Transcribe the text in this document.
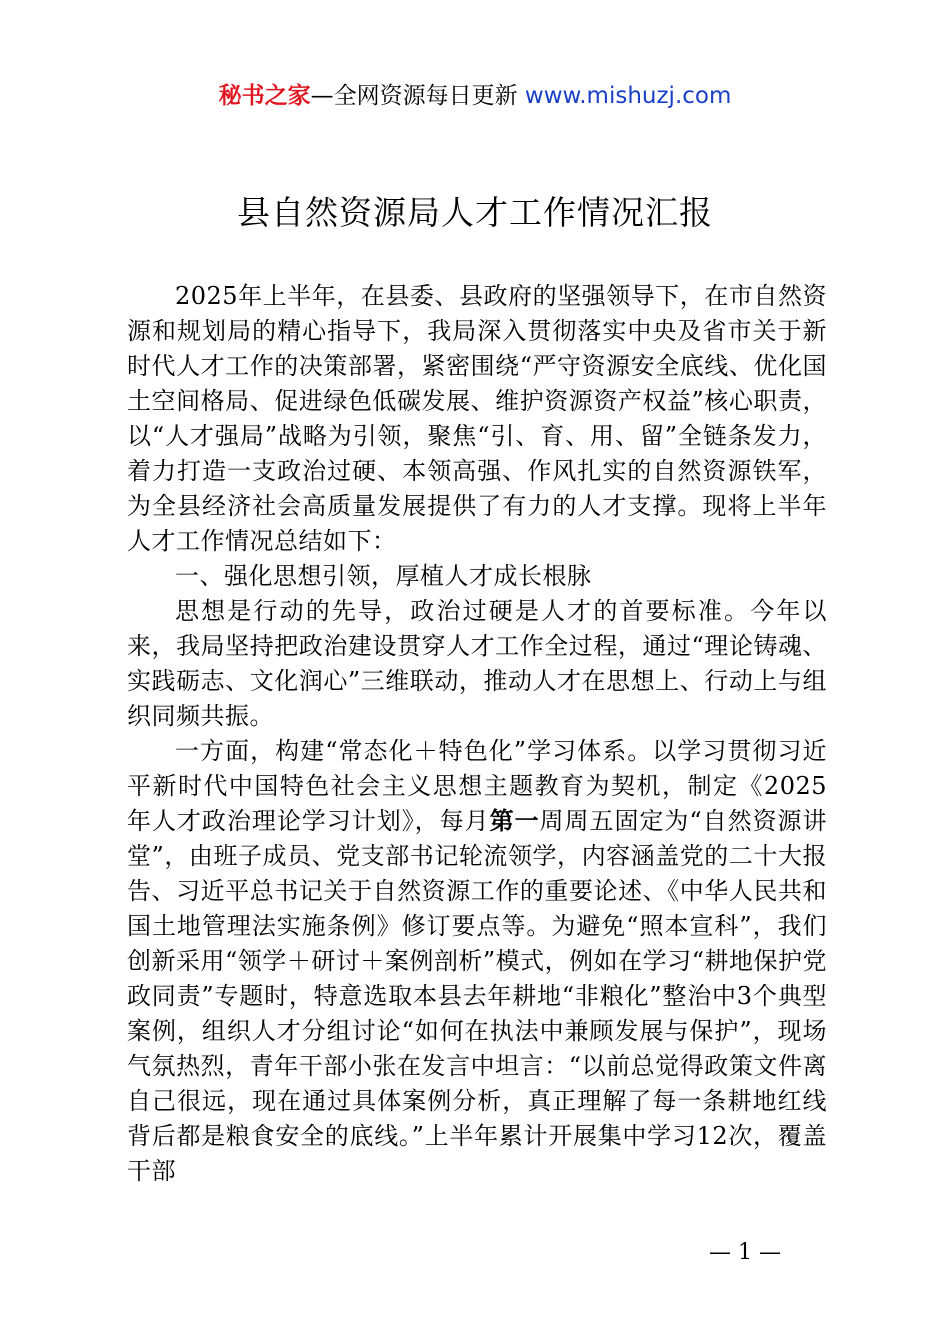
秘书之家—全网资源每日更新 www.mishuzj.com
县自然资源局人才工作情况汇报

2025年上半年，在县委、县政府的坚强领导下，在市自然资源和规划局的精心指导下，我局深入贯彻落实中央及省市关于新时代人才工作的决策部署，紧密围绕“严守资源安全底线、优化国土空间格局、促进绿色低碳发展、维护资源资产权益”核心职责，以“人才强局”战略为引领，聚焦“引、育、用、留”全链条发力，着力打造一支政治过硬、本领高强、作风扎实的自然资源铁军，为全县经济社会高质量发展提供了有力的人才支撑。现将上半年人才工作情况总结如下：

一、强化思想引领，厚植人才成长根脉

思想是行动的先导，政治过硬是人才的首要标准。今年以来，我局坚持把政治建设贯穿人才工作全过程，通过“理论铸魂、实践砺志、文化润心”三维联动，推动人才在思想上、行动上与组织同频共振。

一方面，构建“常态化＋特色化”学习体系。以学习贯彻习近平新时代中国特色社会主义思想主题教育为契机，制定《2025年人才政治理论学习计划》，每月第一周周五固定为“自然资源讲堂”，由班子成员、党支部书记轮流领学，内容涵盖党的二十大报告、习近平总书记关于自然资源工作的重要论述、《中华人民共和国土地管理法实施条例》修订要点等。为避免“照本宣科”，我们创新采用“领学＋研讨＋案例剖析”模式，例如在学习“耕地保护党政同责”专题时，特意选取本县去年耕地“非粮化”整治中3个典型案例，组织人才分组讨论“如何在执法中兼顾发展与保护”，现场气氛热烈，青年干部小张在发言中坦言：“以前总觉得政策文件离自己很远，现在通过具体案例分析，真正理解了每一条耕地红线背后都是粮食安全的底线。”上半年累计开展集中学习12次，覆盖干部

— 1 —
